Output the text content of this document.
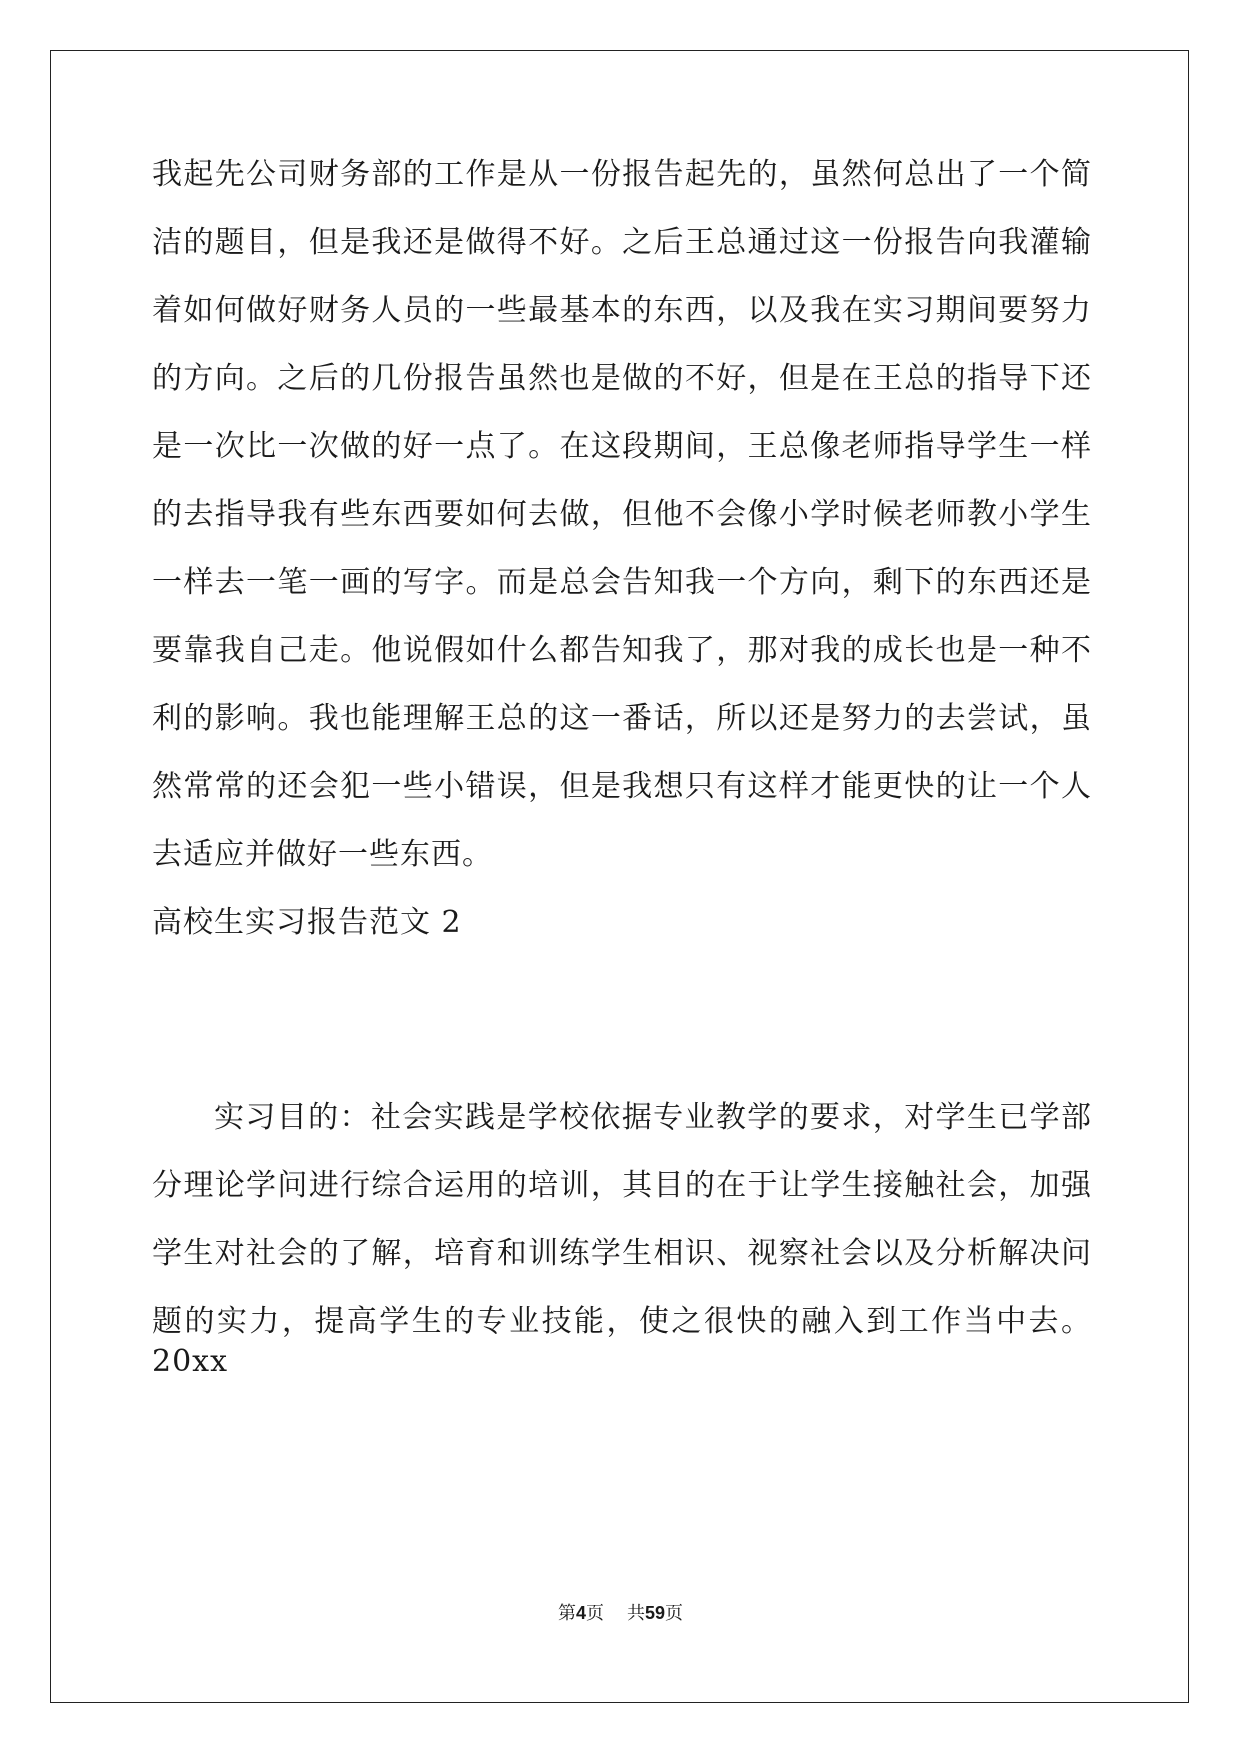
我起先公司财务部的工作是从一份报告起先的，虽然何总出了一个简
洁的题目，但是我还是做得不好。之后王总通过这一份报告向我灌输
着如何做好财务人员的一些最基本的东西，以及我在实习期间要努力
的方向。之后的几份报告虽然也是做的不好，但是在王总的指导下还
是一次比一次做的好一点了。在这段期间，王总像老师指导学生一样
的去指导我有些东西要如何去做，但他不会像小学时候老师教小学生
一样去一笔一画的写字。而是总会告知我一个方向，剩下的东西还是
要靠我自己走。他说假如什么都告知我了，那对我的成长也是一种不
利的影响。我也能理解王总的这一番话，所以还是努力的去尝试，虽
然常常的还会犯一些小错误，但是我想只有这样才能更快的让一个人
去适应并做好一些东西。
高校生实习报告范文 2
实习目的：社会实践是学校依据专业教学的要求，对学生已学部
分理论学问进行综合运用的培训，其目的在于让学生接触社会，加强
学生对社会的了解，培育和训练学生相识、视察社会以及分析解决问
题的实力，提高学生的专业技能，使之很快的融入到工作当中去。20xx
第4页 共59页
